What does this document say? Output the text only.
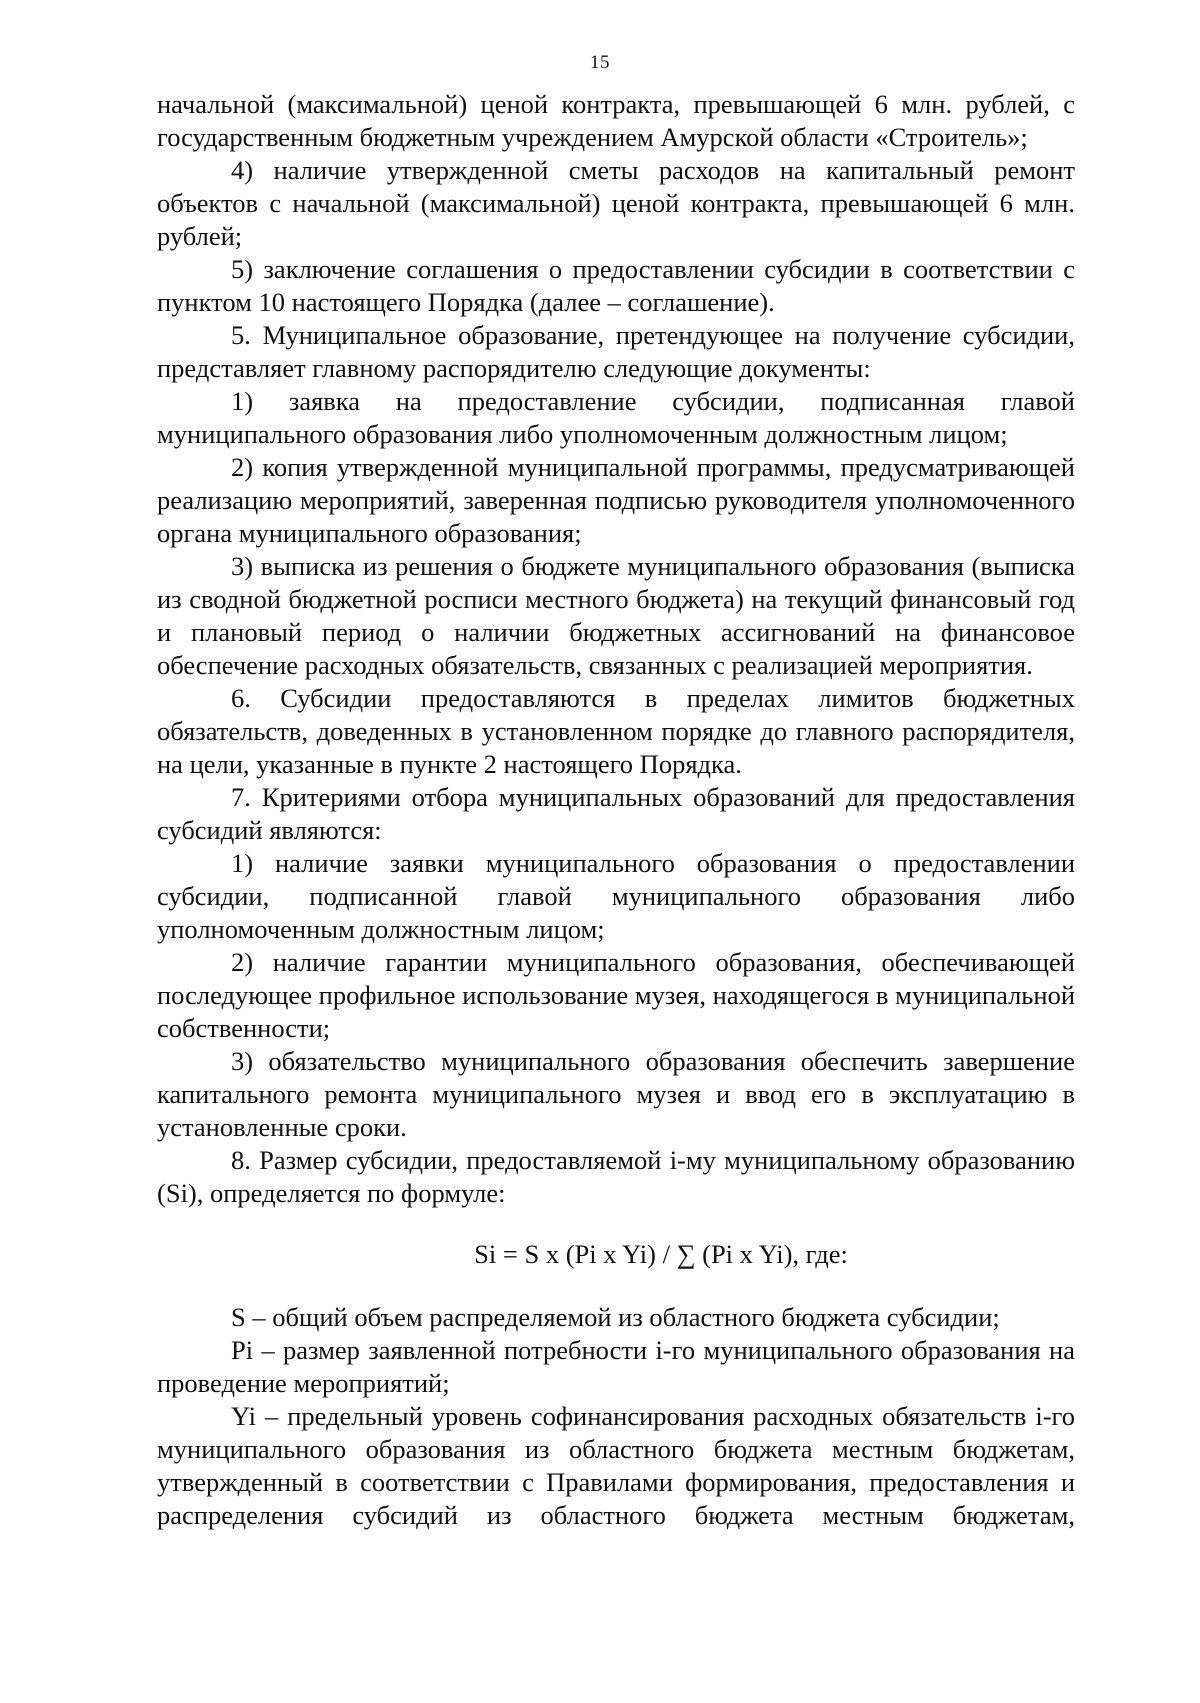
15

начальной (максимальной) ценой контракта, превышающей 6 млн. рублей, с государственным бюджетным учреждением Амурской области «Строитель»;

4) наличие утвержденной сметы расходов на капитальный ремонт объектов с начальной (максимальной) ценой контракта, превышающей 6 млн. рублей;

5) заключение соглашения о предоставлении субсидии в соответствии с пунктом 10 настоящего Порядка (далее – соглашение).

5. Муниципальное образование, претендующее на получение субсидии, представляет главному распорядителю следующие документы:

1) заявка на предоставление субсидии, подписанная главой муниципального образования либо уполномоченным должностным лицом;

2) копия утвержденной муниципальной программы, предусматривающей реализацию мероприятий, заверенная подписью руководителя уполномоченного органа муниципального образования;

3) выписка из решения о бюджете муниципального образования (выписка из сводной бюджетной росписи местного бюджета) на текущий финансовый год и плановый период о наличии бюджетных ассигнований на финансовое обеспечение расходных обязательств, связанных с реализацией мероприятия.

6. Субсидии предоставляются в пределах лимитов бюджетных обязательств, доведенных в установленном порядке до главного распорядителя, на цели, указанные в пункте 2 настоящего Порядка.

7. Критериями отбора муниципальных образований для предоставления субсидий являются:

1) наличие заявки муниципального образования о предоставлении субсидии, подписанной главой муниципального образования либо уполномоченным должностным лицом;

2) наличие гарантии муниципального образования, обеспечивающей последующее профильное использование музея, находящегося в муниципальной собственности;

3) обязательство муниципального образования обеспечить завершение капитального ремонта муниципального музея и ввод его в эксплуатацию в установленные сроки.

8. Размер субсидии, предоставляемой i-му муниципальному образованию (Si), определяется по формуле:

Si = S x (Pi x Yi) / ∑ (Pi x Yi), где:

S – общий объем распределяемой из областного бюджета субсидии;

Pi – размер заявленной потребности i-го муниципального образования на проведение мероприятий;

Yi – предельный уровень софинансирования расходных обязательств i-го муниципального образования из областного бюджета местным бюджетам, утвержденный в соответствии с Правилами формирования, предоставления и распределения субсидий из областного бюджета местным бюджетам,
